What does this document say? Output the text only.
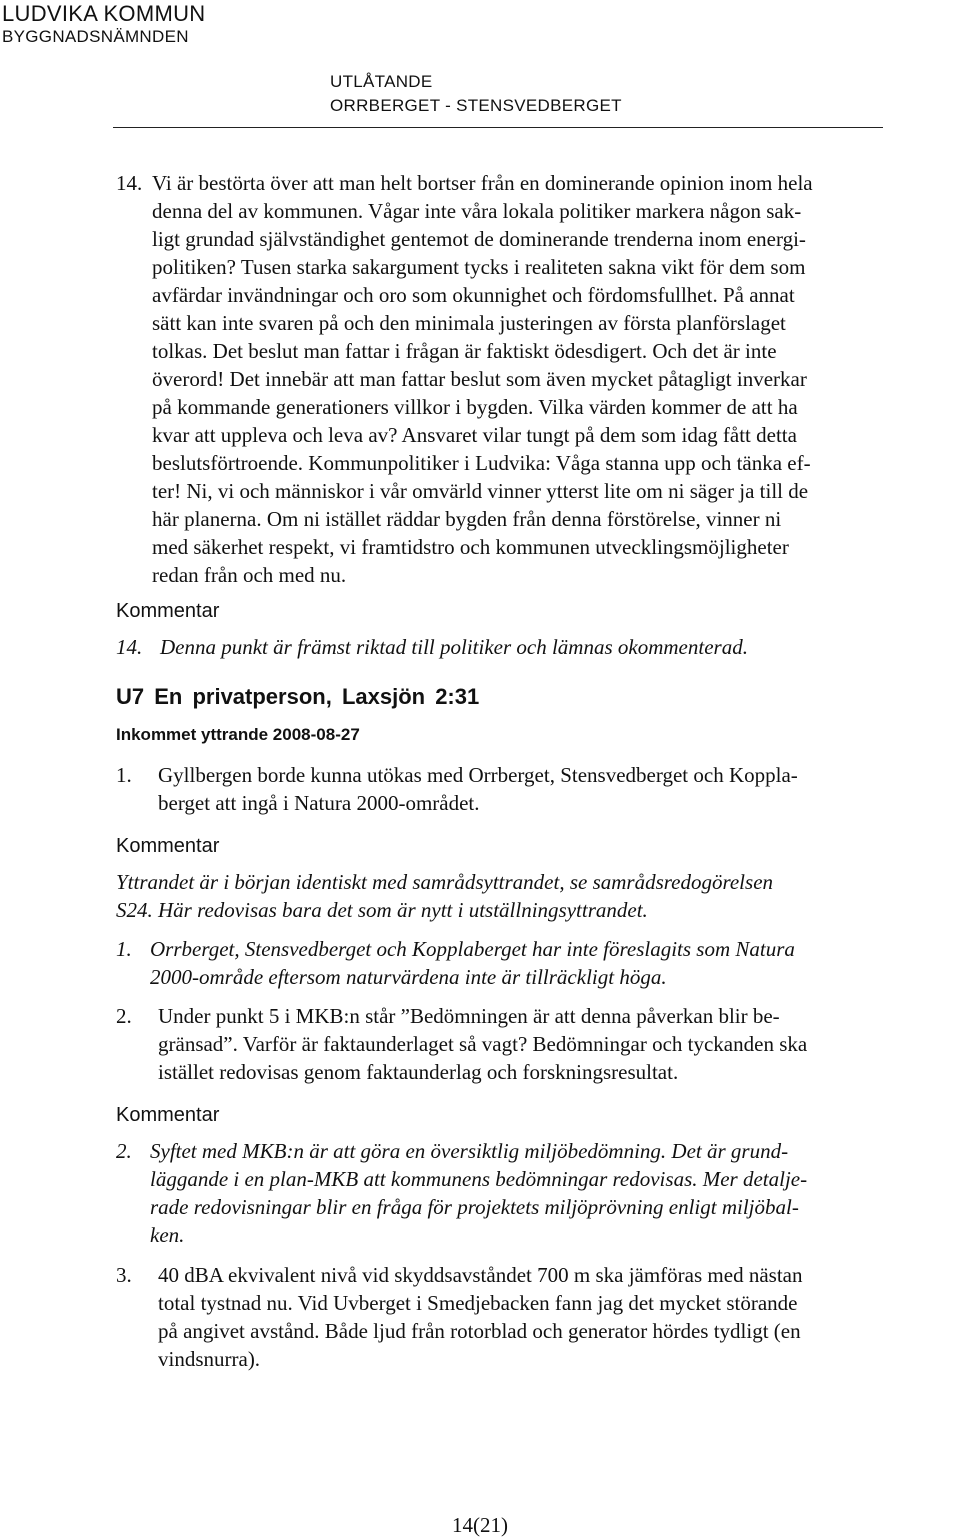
LUDVIKA KOMMUN
BYGGNADSNÄMNDEN
UTLÅTANDE
ORRBERGET - STENSVEDBERGET
14. Vi är bestörta över att man helt bortser från en dominerande opinion inom hela
denna del av kommunen. Vågar inte våra lokala politiker markera någon sak-
ligt grundad självständighet gentemot de dominerande trenderna inom energi-
politiken? Tusen starka sakargument tycks i realiteten sakna vikt för dem som
avfärdar invändningar och oro som okunnighet och fördomsfullhet. På annat
sätt kan inte svaren på och den minimala justeringen av första planförslaget
tolkas. Det beslut man fattar i frågan är faktiskt ödesdigert. Och det är inte
överord! Det innebär att man fattar beslut som även mycket påtagligt inverkar
på kommande generationers villkor i bygden. Vilka värden kommer de att ha
kvar att uppleva och leva av? Ansvaret vilar tungt på dem som idag fått detta
beslutsförtroende. Kommunpolitiker i Ludvika: Våga stanna upp och tänka ef-
ter! Ni, vi och människor i vår omvärld vinner ytterst lite om ni säger ja till de
här planerna. Om ni istället räddar bygden från denna förstörelse, vinner ni
med säkerhet respekt, vi framtidstro och kommunen utvecklingsmöjligheter
redan från och med nu.
Kommentar
14. Denna punkt är främst riktad till politiker och lämnas okommenterad.
U7 En privatperson, Laxsjön 2:31
Inkommet yttrande 2008-08-27
1. Gyllbergen borde kunna utökas med Orrberget, Stensvedberget och Koppla-
berget att ingå i Natura 2000-området.
Kommentar
Yttrandet är i början identiskt med samrådsyttrandet, se samrådsredogörelsen
S24. Här redovisas bara det som är nytt i utställningsyttrandet.
1. Orrberget, Stensvedberget och Kopplaberget har inte föreslagits som Natura
2000-område eftersom naturvärdena inte är tillräckligt höga.
2. Under punkt 5 i MKB:n står ”Bedömningen är att denna påverkan blir be-
gränsad”. Varför är faktaunderlaget så vagt? Bedömningar och tyckanden ska
istället redovisas genom faktaunderlag och forskningsresultat.
Kommentar
2. Syftet med MKB:n är att göra en översiktlig miljöbedömning. Det är grund-
läggande i en plan-MKB att kommunens bedömningar redovisas. Mer detalje-
rade redovisningar blir en fråga för projektets miljöprövning enligt miljöbal-
ken.
3. 40 dBA ekvivalent nivå vid skyddsavståndet 700 m ska jämföras med nästan
total tystnad nu. Vid Uvberget i Smedjebacken fann jag det mycket störande
på angivet avstånd. Både ljud från rotorblad och generator hördes tydligt (en
vindsnurra).
14(21)
